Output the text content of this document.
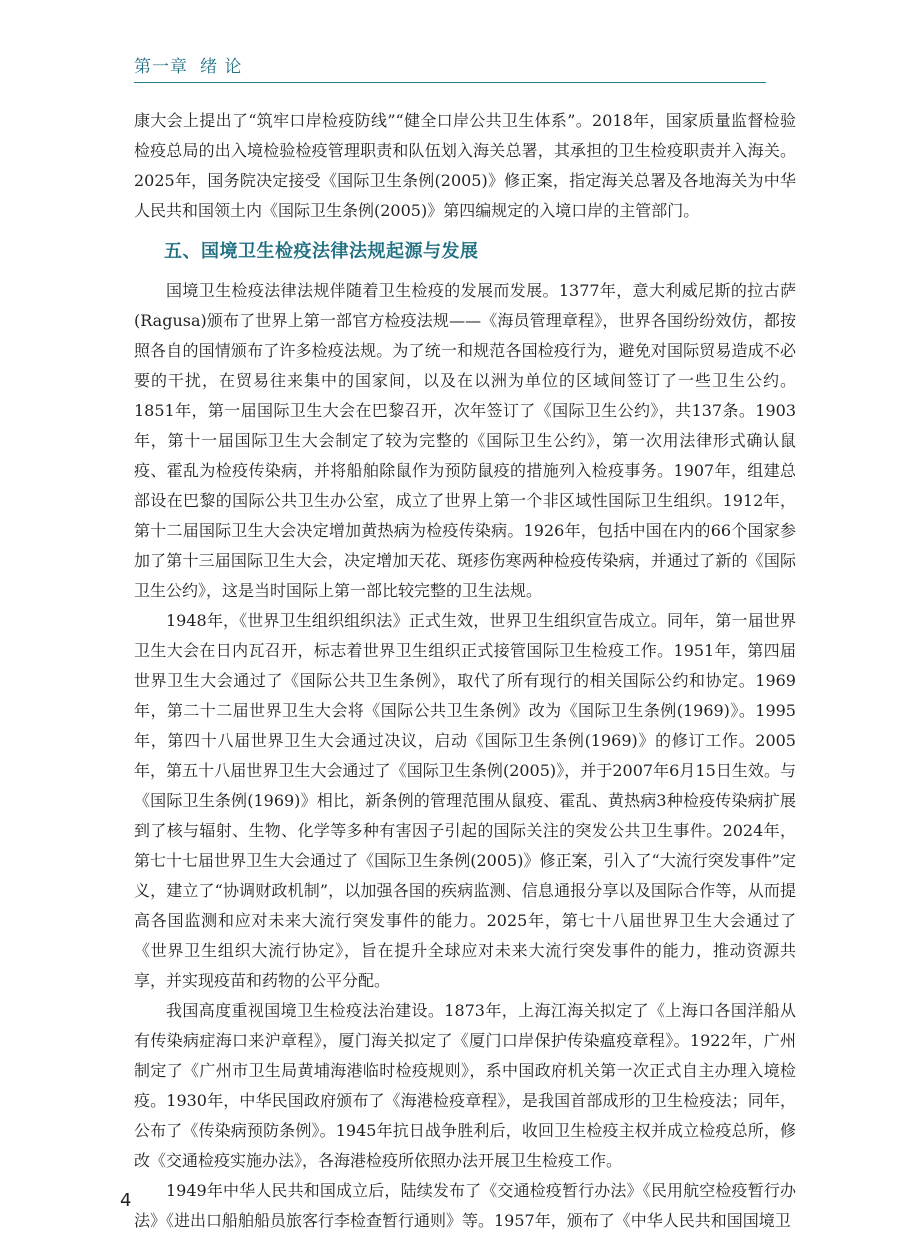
第一章 绪 论

康大会上提出了“筑牢口岸检疫防线”“健全口岸公共卫生体系”。2018年，国家质量监督检验检疫总局的出入境检验检疫管理职责和队伍划入海关总署，其承担的卫生检疫职责并入海关。2025年，国务院决定接受《国际卫生条例(2005)》修正案，指定海关总署及各地海关为中华人民共和国领土内《国际卫生条例(2005)》第四编规定的入境口岸的主管部门。

五、国境卫生检疫法律法规起源与发展

国境卫生检疫法律法规伴随着卫生检疫的发展而发展。1377年，意大利威尼斯的拉古萨(Ragusa)颁布了世界上第一部官方检疫法规——《海员管理章程》，世界各国纷纷效仿，都按照各自的国情颁布了许多检疫法规。为了统一和规范各国检疫行为，避免对国际贸易造成不必要的干扰，在贸易往来集中的国家间，以及在以洲为单位的区域间签订了一些卫生公约。1851年，第一届国际卫生大会在巴黎召开，次年签订了《国际卫生公约》，共137条。1903年，第十一届国际卫生大会制定了较为完整的《国际卫生公约》，第一次用法律形式确认鼠疫、霍乱为检疫传染病，并将船舶除鼠作为预防鼠疫的措施列入检疫事务。1907年，组建总部设在巴黎的国际公共卫生办公室，成立了世界上第一个非区域性国际卫生组织。1912年，第十二届国际卫生大会决定增加黄热病为检疫传染病。1926年，包括中国在内的66个国家参加了第十三届国际卫生大会，决定增加天花、斑疹伤寒两种检疫传染病，并通过了新的《国际卫生公约》，这是当时国际上第一部比较完整的卫生法规。

1948年，《世界卫生组织组织法》正式生效，世界卫生组织宣告成立。同年，第一届世界卫生大会在日内瓦召开，标志着世界卫生组织正式接管国际卫生检疫工作。1951年，第四届世界卫生大会通过了《国际公共卫生条例》，取代了所有现行的相关国际公约和协定。1969年，第二十二届世界卫生大会将《国际公共卫生条例》改为《国际卫生条例(1969)》。1995年，第四十八届世界卫生大会通过决议，启动《国际卫生条例(1969)》的修订工作。2005年，第五十八届世界卫生大会通过了《国际卫生条例(2005)》，并于2007年6月15日生效。与《国际卫生条例(1969)》相比，新条例的管理范围从鼠疫、霍乱、黄热病3种检疫传染病扩展到了核与辐射、生物、化学等多种有害因子引起的国际关注的突发公共卫生事件。2024年，第七十七届世界卫生大会通过了《国际卫生条例(2005)》修正案，引入了“大流行突发事件”定义，建立了“协调财政机制”，以加强各国的疾病监测、信息通报分享以及国际合作等，从而提高各国监测和应对未来大流行突发事件的能力。2025年，第七十八届世界卫生大会通过了《世界卫生组织大流行协定》，旨在提升全球应对未来大流行突发事件的能力，推动资源共享，并实现疫苗和药物的公平分配。

我国高度重视国境卫生检疫法治建设。1873年，上海江海关拟定了《上海口各国洋船从有传染病症海口来沪章程》，厦门海关拟定了《厦门口岸保护传染瘟疫章程》。1922年，广州制定了《广州市卫生局黄埔海港临时检疫规则》，系中国政府机关第一次正式自主办理入境检疫。1930年，中华民国政府颁布了《海港检疫章程》，是我国首部成形的卫生检疫法；同年，公布了《传染病预防条例》。1945年抗日战争胜利后，收回卫生检疫主权并成立检疫总所，修改《交通检疫实施办法》，各海港检疫所依照办法开展卫生检疫工作。

1949年中华人民共和国成立后，陆续发布了《交通检疫暂行办法》《民用航空检疫暂行办法》《进出口船舶船员旅客行李检查暂行通则》等。1957年，颁布了《中华人民共和国国境卫

4
